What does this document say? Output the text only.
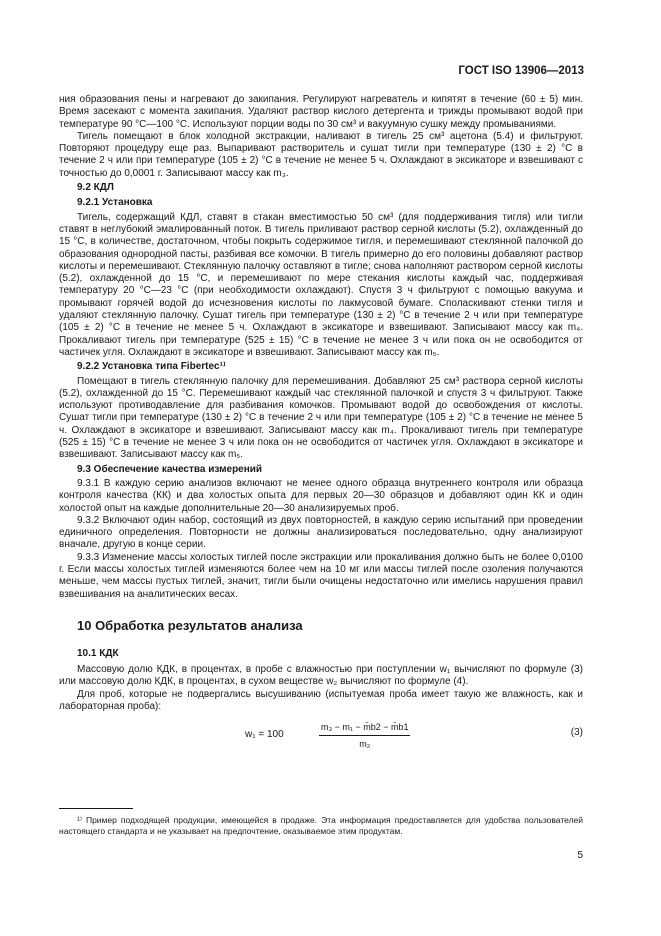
ГОСТ ISO 13906—2013

ния образования пены и нагревают до закипания. Регулируют нагреватель и кипятят в течение (60 ± 5) мин. Время засекают с момента закипания. Удаляют раствор кислого детергента и трижды промывают водой при температуре 90 °С—100 °С. Используют порции воды по 30 см³ и вакуумную сушку между промываниями.

Тигель помещают в блок холодной экстракции, наливают в тигель 25 см³ ацетона (5.4) и фильтруют. Повторяют процедуру еще раз. Выпаривают растворитель и сушат тигли при температуре (130 ± 2) °С в течение 2 ч или при температуре (105 ± 2) °С в течение не менее 5 ч. Охлаждают в эксикаторе и взвешивают с точностью до 0,0001 г. Записывают массу как m₃.

9.2 КДЛ

9.2.1 Установка

Тигель, содержащий КДЛ, ставят в стакан вместимостью 50 см³ (для поддерживания тигля) или тигли ставят в неглубокий эмалированный поток. В тигель приливают раствор серной кислоты (5.2), охлажденный до 15 °С, в количестве, достаточном, чтобы покрыть содержимое тигля, и перемешивают стеклянной палочкой до образования однородной пасты, разбивая все комочки. В тигель примерно до его половины добавляют раствор кислоты и перемешивают. Стеклянную палочку оставляют в тигле; снова наполняют раствором серной кислоты (5.2), охлажденной до 15 °С, и перемешивают по мере стекания кислоты каждый час, поддерживая температуру 20 °С—23 °С (при необходимости охлаждают). Спустя 3 ч фильтруют с помощью вакуума и промывают горячей водой до исчезновения кислоты по лакмусовой бумаге. Споласкивают стенки тигля и удаляют стеклянную палочку. Сушат тигель при температуре (130 ± 2) °С в течение 2 ч или при температуре (105 ± 2) °С в течение не менее 5 ч. Охлаждают в эксикаторе и взвешивают. Записывают массу как m₄. Прокаливают тигель при температуре (525 ± 15) °С в течение не менее 3 ч или пока он не освободится от частичек угля. Охлаждают в эксикаторе и взвешивают. Записывают массу как m₅.

9.2.2 Установка типа Fibertec¹⁾

Помещают в тигель стеклянную палочку для перемешивания. Добавляют 25 см³ раствора серной кислоты (5.2), охлажденной до 15 °С. Перемешивают каждый час стеклянной палочкой и спустя 3 ч фильтруют. Также используют противодавление для разбивания комочков. Промывают водой до освобождения от кислоты. Сушат тигли при температуре (130 ± 2) °С в течение 2 ч или при температуре (105 ± 2) °С в течение не менее 5 ч. Охлаждают в эксикаторе и взвешивают. Записывают массу как m₄. Прокаливают тигель при температуре (525 ± 15) °С в течение не менее 3 ч или пока он не освободится от частичек угля. Охлаждают в эксикаторе и взвешивают. Записывают массу как m₅.

9.3 Обеспечение качества измерений

9.3.1 В каждую серию анализов включают не менее одного образца внутреннего контроля или образца контроля качества (КК) и два холостых опыта для первых 20—30 образцов и добавляют один КК и один холостой опыт на каждые дополнительные 20—30 анализируемых проб.

9.3.2 Включают один набор, состоящий из двух повторностей, в каждую серию испытаний при проведении единичного определения. Повторности не должны анализироваться последовательно, одну анализируют вначале, другую в конце серии.

9.3.3 Изменение массы холостых тиглей после экстракции или прокаливания должно быть не более 0,0100 г. Если массы холостых тиглей изменяются более чем на 10 мг или массы тиглей после озоления получаются меньше, чем массы пустых тиглей, значит, тигли были очищены недостаточно или имелись нарушения правил взвешивания на аналитических весах.

10 Обработка результатов анализа

10.1 КДК

Массовую долю КДК, в процентах, в пробе с влажностью при поступлении w₁ вычисляют по формуле (3) или массовую долю КДК, в процентах, в сухом веществе w₂ вычисляют по формуле (4).

Для проб, которые не подвергались высушиванию (испытуемая проба имеет такую же влажность, как и лабораторная проба):

w₁ = 100	$\frac{\text{m₃ − m₁ − m̄b2 − m̄b1}}{\text{m₂}}$	(3)
¹⁾ Пример подходящей продукции, имеющейся в продаже. Эта информация предоставляется для удобства пользователей настоящего стандарта и не указывает на предпочтение, оказываемое этим продуктам.
5
